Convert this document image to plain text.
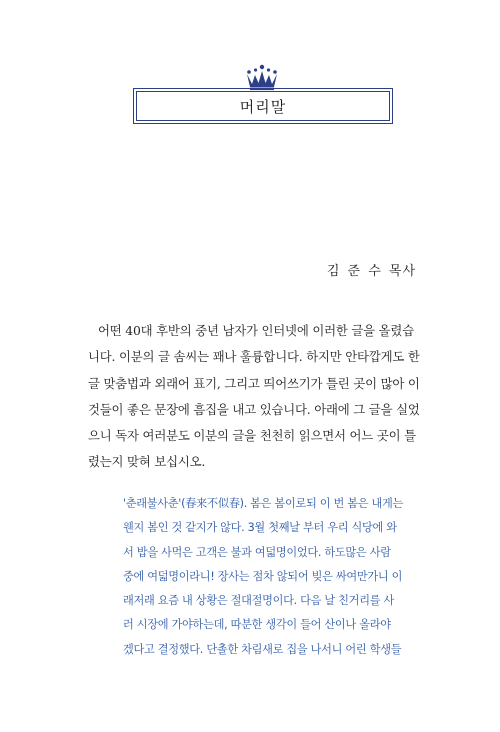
머리말
김 준 수 목사
어떤 40대 후반의 중년 남자가 인터넷에 이러한 글을 올렸습
니다. 이분의 글 솜씨는 꽤나 훌륭합니다. 하지만 안타깝게도 한
글 맞춤법과 외래어 표기, 그리고 띄어쓰기가 틀린 곳이 많아 이
것들이 좋은 문장에 흠집을 내고 있습니다. 아래에 그 글을 실었
으니 독자 여러분도 이분의 글을 천천히 읽으면서 어느 곳이 틀
렸는지 맞혀 보십시오.
'춘래불사춘'(春来不似春). 봄은 봄이로되 이 번 봄은 내게는
웬지 봄인 것 같지가 않다. 3월 첫째날 부터 우리 식당에 와
서 밥을 사먹은 고객은 불과 여덟명이었다. 하도많은 사람
중에 여덟명이라니! 장사는 점차 않되어 빚은 싸여만가니 이
래저래 요즘 내 상황은 절대절명이다. 다음 날 친거리를 사
러 시장에 가야하는데, 따분한 생각이 들어 산이나 올라야
겠다고 결정했다. 단촐한 차림새로 집을 나서니 어린 학생들
